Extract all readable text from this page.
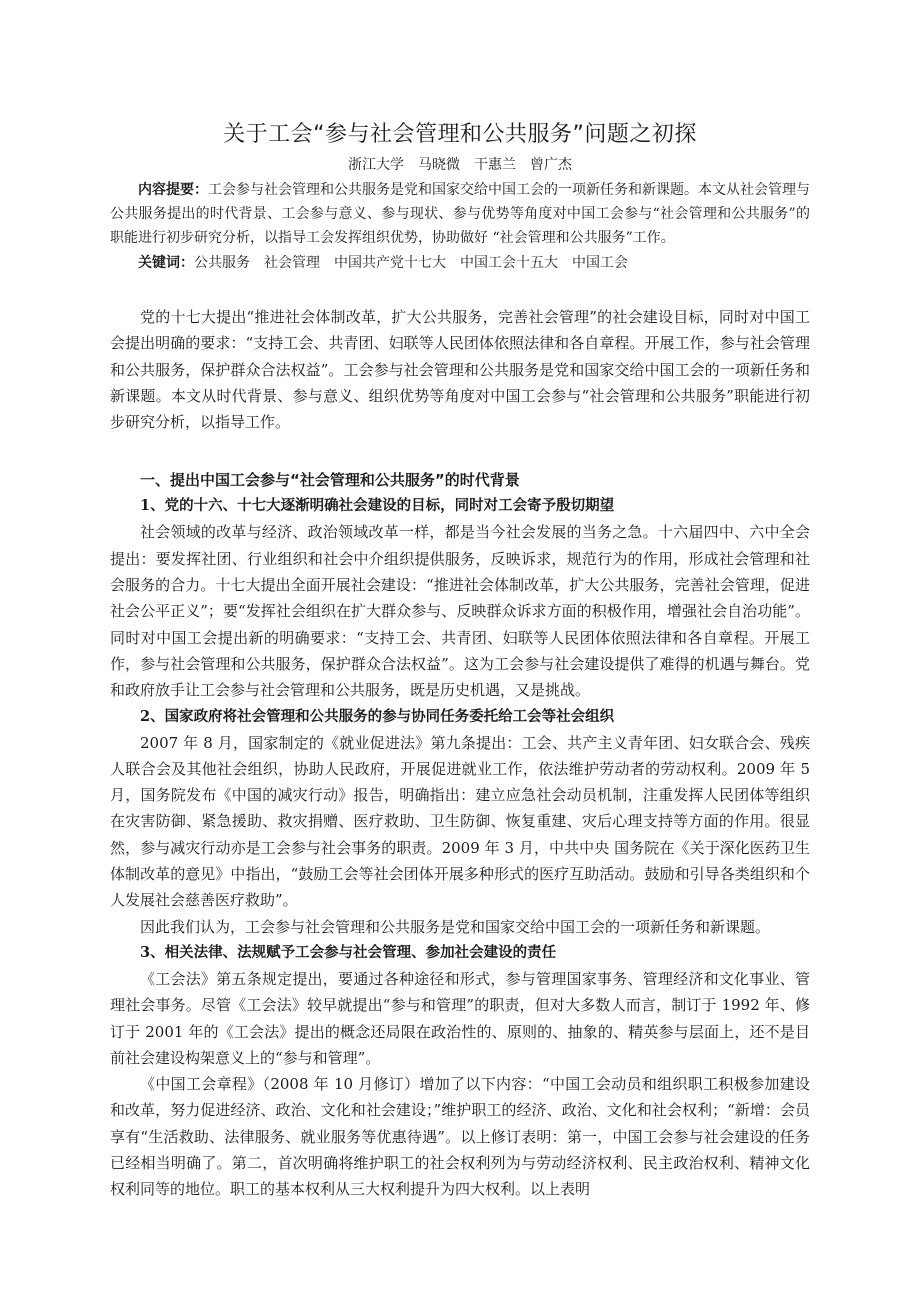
关于工会“参与社会管理和公共服务”问题之初探
浙江大学　马晓微　干惠兰　曾广杰

内容提要：工会参与社会管理和公共服务是党和国家交给中国工会的一项新任务和新课题。本文从社会管理与公共服务提出的时代背景、工会参与意义、参与现状、参与优势等角度对中国工会参与“社会管理和公共服务”的职能进行初步研究分析，以指导工会发挥组织优势，协助做好 “社会管理和公共服务”工作。

关键词：公共服务　社会管理　中国共产党十七大　中国工会十五大　中国工会

党的十七大提出“推进社会体制改革，扩大公共服务，完善社会管理”的社会建设目标，同时对中国工会提出明确的要求：“支持工会、共青团、妇联等人民团体依照法律和各自章程。开展工作，参与社会管理和公共服务，保护群众合法权益”。工会参与社会管理和公共服务是党和国家交给中国工会的一项新任务和新课题。本文从时代背景、参与意义、组织优势等角度对中国工会参与“社会管理和公共服务”职能进行初步研究分析，以指导工作。

一、提出中国工会参与“社会管理和公共服务”的时代背景

1、党的十六、十七大逐渐明确社会建设的目标，同时对工会寄予殷切期望

社会领域的改革与经济、政治领域改革一样，都是当今社会发展的当务之急。十六届四中、六中全会提出：要发挥社团、行业组织和社会中介组织提供服务，反映诉求，规范行为的作用，形成社会管理和社会服务的合力。十七大提出全面开展社会建设：“推进社会体制改革，扩大公共服务，完善社会管理，促进社会公平正义”；要“发挥社会组织在扩大群众参与、反映群众诉求方面的积极作用，增强社会自治功能”。同时对中国工会提出新的明确要求：“支持工会、共青团、妇联等人民团体依照法律和各自章程。开展工作，参与社会管理和公共服务，保护群众合法权益”。这为工会参与社会建设提供了难得的机遇与舞台。党和政府放手让工会参与社会管理和公共服务，既是历史机遇，又是挑战。

2、国家政府将社会管理和公共服务的参与协同任务委托给工会等社会组织

2007 年 8 月，国家制定的《就业促进法》第九条提出：工会、共产主义青年团、妇女联合会、残疾人联合会及其他社会组织，协助人民政府，开展促进就业工作，依法维护劳动者的劳动权利。2009 年 5 月，国务院发布《中国的减灾行动》报告，明确指出：建立应急社会动员机制，注重发挥人民团体等组织在灾害防御、紧急援助、救灾捐赠、医疗救助、卫生防御、恢复重建、灾后心理支持等方面的作用。很显然，参与减灾行动亦是工会参与社会事务的职责。2009 年 3 月，中共中央 国务院在《关于深化医药卫生体制改革的意见》中指出，“鼓励工会等社会团体开展多种形式的医疗互助活动。鼓励和引导各类组织和个人发展社会慈善医疗救助”。

因此我们认为，工会参与社会管理和公共服务是党和国家交给中国工会的一项新任务和新课题。

3、相关法律、法规赋予工会参与社会管理、参加社会建设的责任

《工会法》第五条规定提出，要通过各种途径和形式，参与管理国家事务、管理经济和文化事业、管理社会事务。尽管《工会法》较早就提出“参与和管理”的职责，但对大多数人而言，制订于 1992 年、修订于 2001 年的《工会法》提出的概念还局限在政治性的、原则的、抽象的、精英参与层面上，还不是目前社会建设构架意义上的“参与和管理”。

《中国工会章程》（2008 年 10 月修订）增加了以下内容：“中国工会动员和组织职工积极参加建设和改革，努力促进经济、政治、文化和社会建设；”维护职工的经济、政治、文化和社会权利；“新增：会员享有“生活救助、法律服务、就业服务等优惠待遇”。以上修订表明：第一，中国工会参与社会建设的任务已经相当明确了。第二，首次明确将维护职工的社会权利列为与劳动经济权利、民主政治权利、精神文化权利同等的地位。职工的基本权利从三大权利提升为四大权利。以上表明
